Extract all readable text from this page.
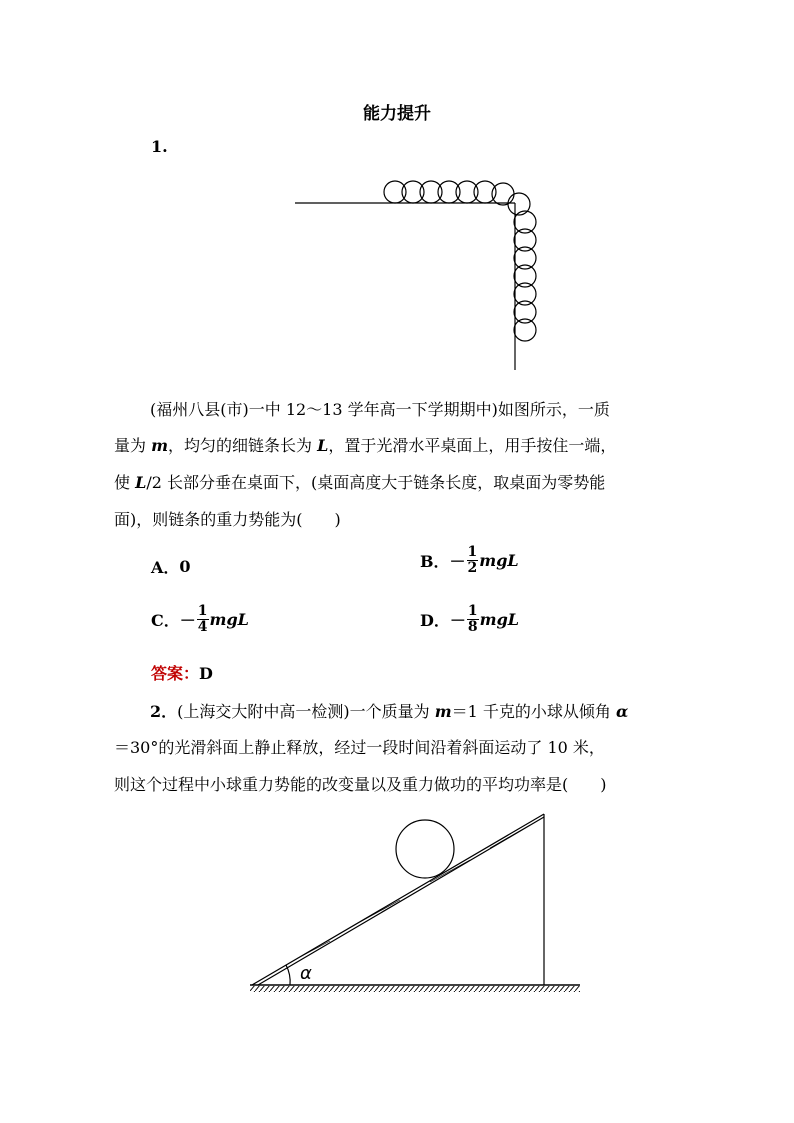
能力提升
1.
(福州八县(市)一中 12～13 学年高一下学期期中)如图所示，一质
量为 m，均匀的细链条长为 L，置于光滑水平桌面上，用手按住一端，
使 L/2 长部分垂在桌面下，(桌面高度大于链条长度，取桌面为零势能
面)，则链条的重力势能为(　　)
A． 0	B． － $\frac{1}{2}$ mgL
C． － $\frac{1}{4}$ mgL	D． － $\frac{1}{8}$ mgL
答案：D
2．(上海交大附中高一检测)一个质量为 m＝1 千克的小球从倾角 α
＝30°的光滑斜面上静止释放，经过一段时间沿着斜面运动了 10 米，
则这个过程中小球重力势能的改变量以及重力做功的平均功率是(　　)
α
